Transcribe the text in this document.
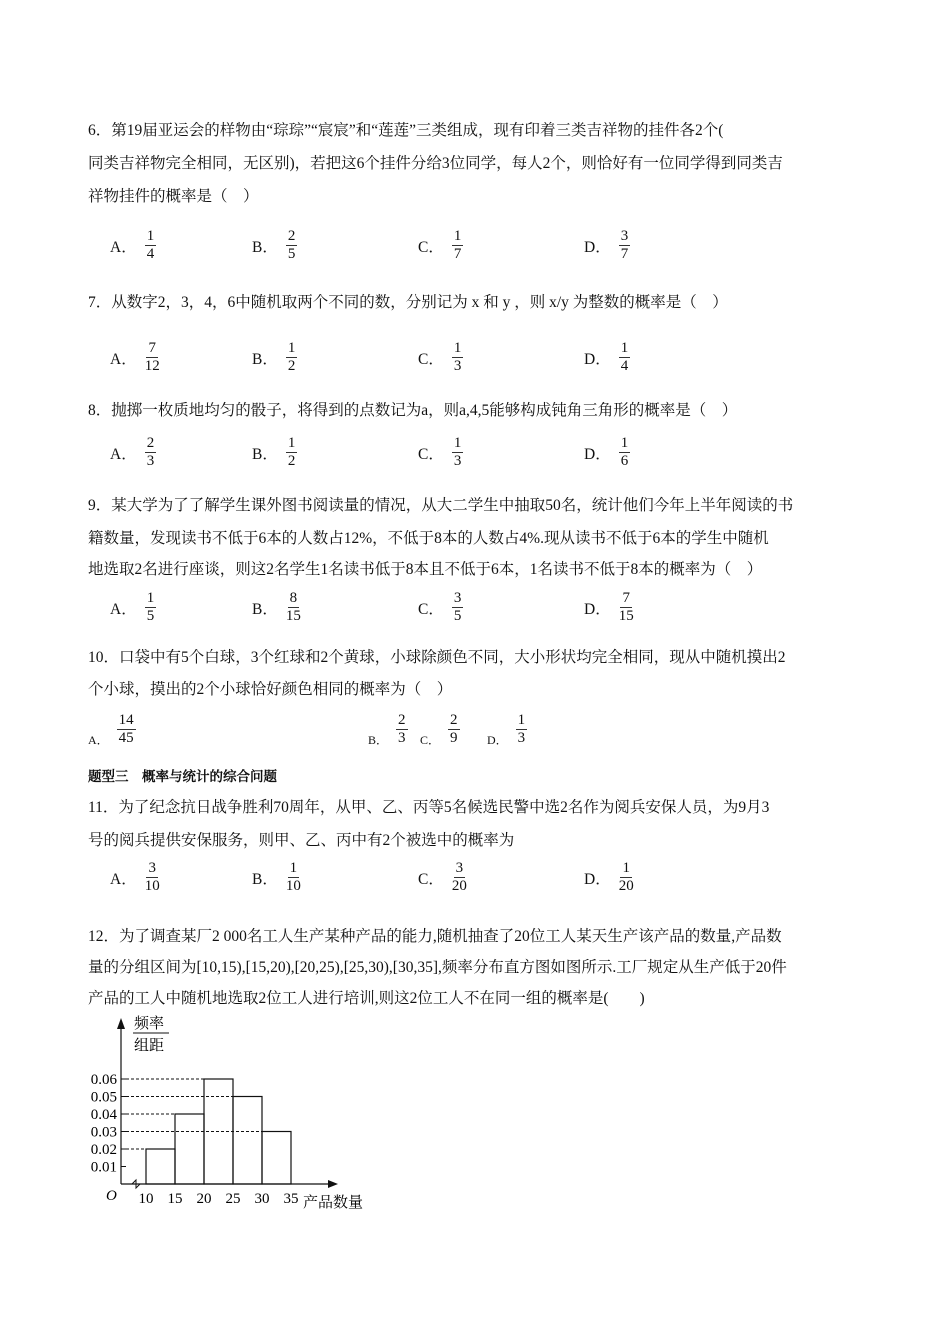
6．第19届亚运会的样物由“琮琮”“宸宸”和“莲莲”三类组成，现有印着三类吉祥物的挂件各2个(
同类吉祥物完全相同，无区别)，若把这6个挂件分给3位同学，每人2个，则恰好有一位同学得到同类吉
祥物挂件的概率是（　）
A． $\frac{1}{4}$	B． $\frac{2}{5}$	C． $\frac{1}{7}$	D． $\frac{3}{7}$
7．从数字2，3，4，6中随机取两个不同的数，分别记为 x 和 y ，则 x/y 为整数的概率是（　）
A． $\frac{7}{12}$	B． $\frac{1}{2}$	C． $\frac{1}{3}$	D． $\frac{1}{4}$
8．抛掷一枚质地均匀的骰子，将得到的点数记为a，则a,4,5能够构成钝角三角形的概率是（　）
A． $\frac{2}{3}$	B． $\frac{1}{2}$	C． $\frac{1}{3}$	D． $\frac{1}{6}$
9．某大学为了了解学生课外图书阅读量的情况，从大二学生中抽取50名，统计他们今年上半年阅读的书
籍数量，发现读书不低于6本的人数占12%，不低于8本的人数占4%.现从读书不低于6本的学生中随机
地选取2名进行座谈，则这2名学生1名读书低于8本且不低于6本，1名读书不低于8本的概率为（　）
A． $\frac{1}{5}$	B． $\frac{8}{15}$	C． $\frac{3}{5}$	D． $\frac{7}{15}$
10．口袋中有5个白球，3个红球和2个黄球，小球除颜色不同，大小形状均完全相同，现从中随机摸出2
个小球，摸出的2个小球恰好颜色相同的概率为（　）
A． $\frac{14}{45}$	B． $\frac{2}{3}$ C． $\frac{2}{9}$ D． $\frac{1}{3}$
11．为了纪念抗日战争胜利70周年，从甲、乙、丙等5名候选民警中选2名作为阅兵安保人员，为9月3
号的阅兵提供安保服务，则甲、乙、丙中有2个被选中的概率为
A． $\frac{3}{10}$	B． $\frac{1}{10}$	C． $\frac{3}{20}$	D． $\frac{1}{20}$
12．为了调查某厂2 000名工人生产某种产品的能力,随机抽查了20位工人某天生产该产品的数量,产品数
量的分组区间为[10,15),[15,20),[20,25),[25,30),[30,35],频率分布直方图如图所示.工厂规定从生产低于20件
产品的工人中随机地选取2位工人进行培训,则这2位工人不在同一组的概率是(　　)
题型三　概率与统计的综合问题
0.01
0.02
0.03
0.04
0.05
0.06
10 15 20 25 30 35
O	产品数量
频率
组距
